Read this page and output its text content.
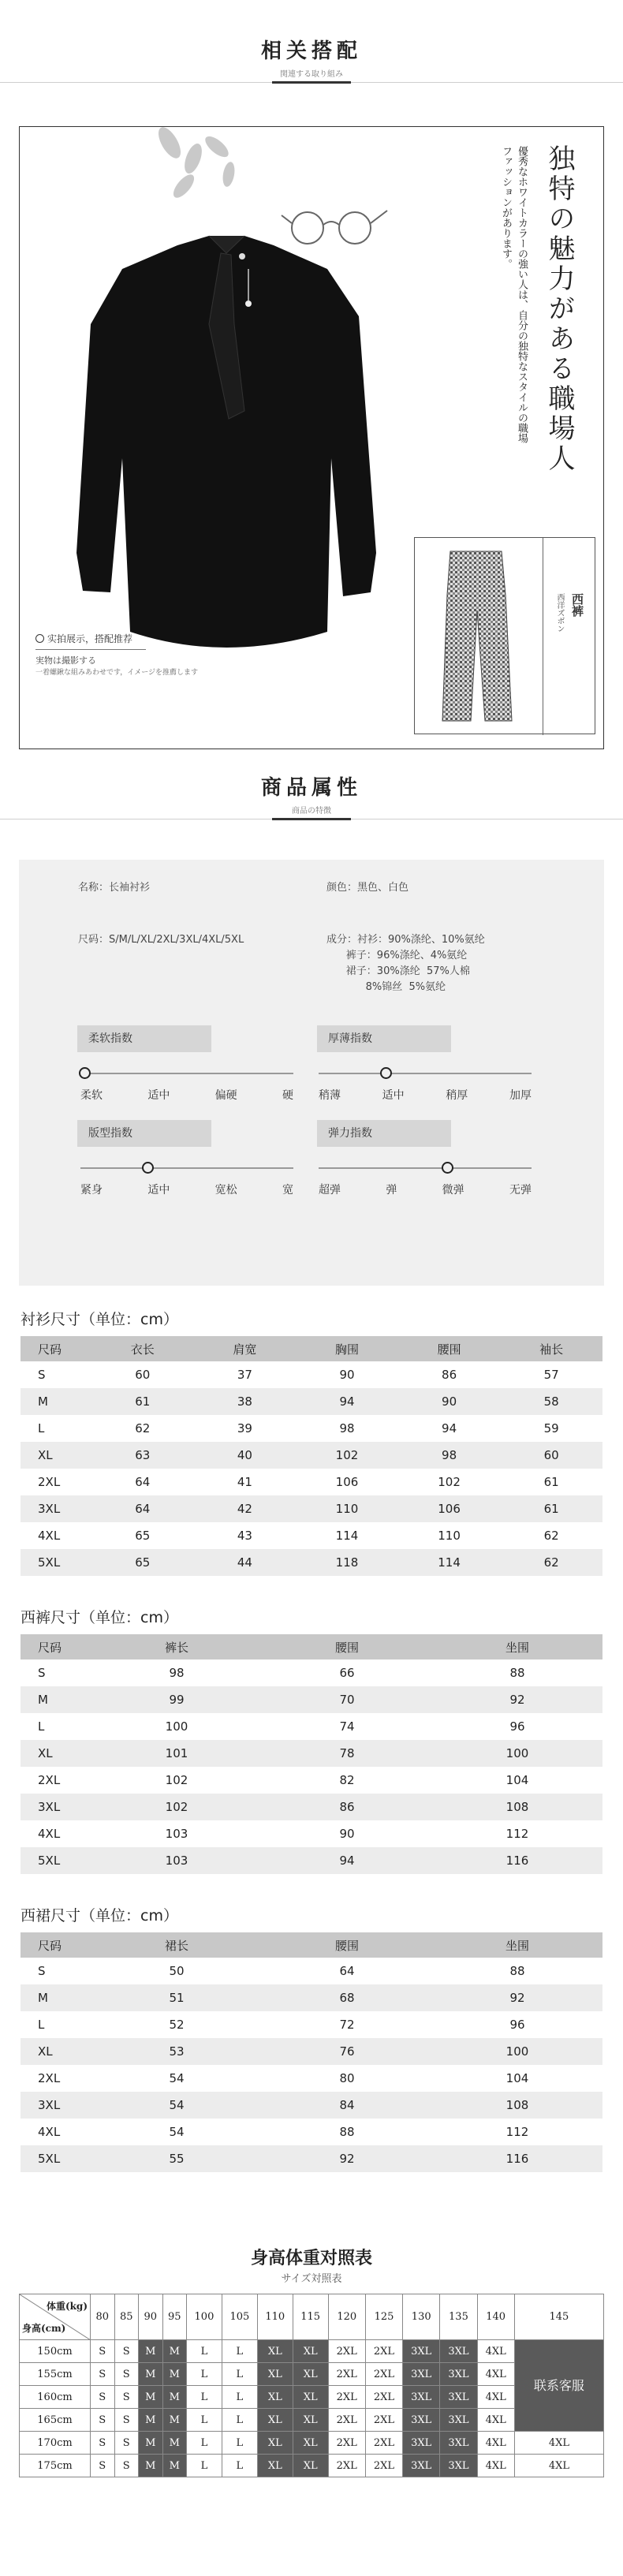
相关搭配
関連する取り組み
独特の魅力がある職場人
優秀なホワイトカラーの強い人は、自分の独特なスタイルの職場ファッションがあります。
实拍展示，搭配推荐
実物は撮影する
一着螺鍬な組みあわせです，イメージを推薦します
西洋ズボン 西裤
商品属性
商品の特徴
名称：长袖衬衫	颜色：黑色、白色
尺码：S/M/L/XL/2XL/3XL/4XL/5XL	成分：衬衫：90%涤纶、10%氨纶
裤子：96%涤纶、4%氨纶
裙子：30%涤纶  57%人棉
8%锦丝  5%氨纶
柔软指数
柔软	适中	偏硬	硬
厚薄指数
稍薄	适中	稍厚	加厚
版型指数
紧身	适中	宽松	宽
弹力指数
超弹	弹	微弹	无弹
衬衫尺寸（单位：cm）
尺码	衣长	肩宽	胸围	腰围	袖长
S	60	37	90	86	57
M	61	38	94	90	58
L	62	39	98	94	59
XL	63	40	102	98	60
2XL	64	41	106	102	61
3XL	64	42	110	106	61
4XL	65	43	114	110	62
5XL	65	44	118	114	62
西裤尺寸（单位：cm）
尺码	裤长	腰围	坐围
S	98	66	88
M	99	70	92
L	100	74	96
XL	101	78	100
2XL	102	82	104
3XL	102	86	108
4XL	103	90	112
5XL	103	94	116
西裙尺寸（单位：cm）
尺码	裙长	腰围	坐围
S	50	64	88
M	51	68	92
L	52	72	96
XL	53	76	100
2XL	54	80	104
3XL	54	84	108
4XL	54	88	112
5XL	55	92	116
身高体重对照表
サイズ対照表
体重(kg)
身高(cm)	80	85	90	95	100	105	110	115	120	125	130	135	140	145
150cm	S	S	M	M	L	L	XL	XL	2XL	2XL	3XL	3XL	4XL	联系客服
155cm	S	S	M	M	L	L	XL	XL	2XL	2XL	3XL	3XL	4XL	
160cm	S	S	M	M	L	L	XL	XL	2XL	2XL	3XL	3XL	4XL	
165cm	S	S	M	M	L	L	XL	XL	2XL	2XL	3XL	3XL	4XL	
170cm	S	S	M	M	L	L	XL	XL	2XL	2XL	3XL	3XL	4XL	4XL
175cm	S	S	M	M	L	L	XL	XL	2XL	2XL	3XL	3XL	4XL	4XL
